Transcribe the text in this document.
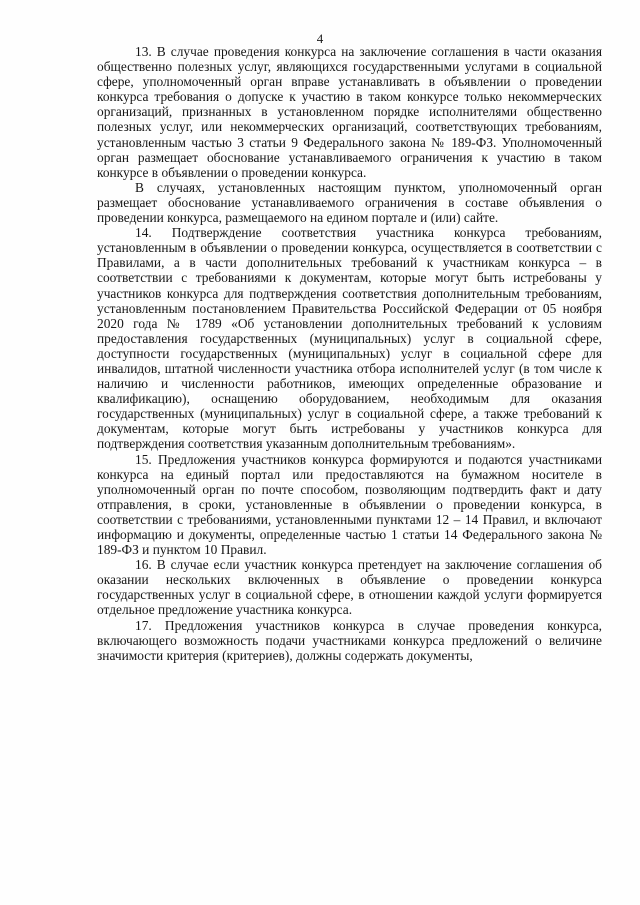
4

13. В случае проведения конкурса на заключение соглашения в части оказания общественно полезных услуг, являющихся государственными услугами в социальной сфере, уполномоченный орган вправе устанавливать в объявлении о проведении конкурса требования о допуске к участию в таком конкурсе только некоммерческих организаций, признанных в установленном порядке исполнителями общественно полезных услуг, или некоммерческих организаций, соответствующих требованиям, установленным частью 3 статьи 9 Федерального закона № 189-ФЗ. Уполномоченный орган размещает обоснование устанавливаемого ограничения к участию в таком конкурсе в объявлении о проведении конкурса.

В случаях, установленных настоящим пунктом, уполномоченный орган размещает обоснование устанавливаемого ограничения в составе объявления о проведении конкурса, размещаемого на едином портале и (или) сайте.

14. Подтверждение соответствия участника конкурса требованиям, установленным в объявлении о проведении конкурса, осуществляется в соответствии с Правилами, а в части дополнительных требований к участникам конкурса – в соответствии с требованиями к документам, которые могут быть истребованы у участников конкурса для подтверждения соответствия дополнительным требованиям, установленным постановлением Правительства Российской Федерации от 05 ноября 2020 года № 1789 «Об установлении дополнительных требований к условиям предоставления государственных (муниципальных) услуг в социальной сфере, доступности государственных (муниципальных) услуг в социальной сфере для инвалидов, штатной численности участника отбора исполнителей услуг (в том числе к наличию и численности работников, имеющих определенные образование и квалификацию), оснащению оборудованием, необходимым для оказания государственных (муниципальных) услуг в социальной сфере, а также требований к документам, которые могут быть истребованы у участников конкурса для подтверждения соответствия указанным дополнительным требованиям».

15. Предложения участников конкурса формируются и подаются участниками конкурса на единый портал или предоставляются на бумажном носителе в уполномоченный орган по почте способом, позволяющим подтвердить факт и дату отправления, в сроки, установленные в объявлении о проведении конкурса, в соответствии с требованиями, установленными пунктами 12 – 14 Правил, и включают информацию и документы, определенные частью 1 статьи 14 Федерального закона № 189-ФЗ и пунктом 10 Правил.

16. В случае если участник конкурса претендует на заключение соглашения об оказании нескольких включенных в объявление о проведении конкурса государственных услуг в социальной сфере, в отношении каждой услуги формируется отдельное предложение участника конкурса.

17. Предложения участников конкурса в случае проведения конкурса, включающего возможность подачи участниками конкурса предложений о величине значимости критерия (критериев), должны содержать документы,
